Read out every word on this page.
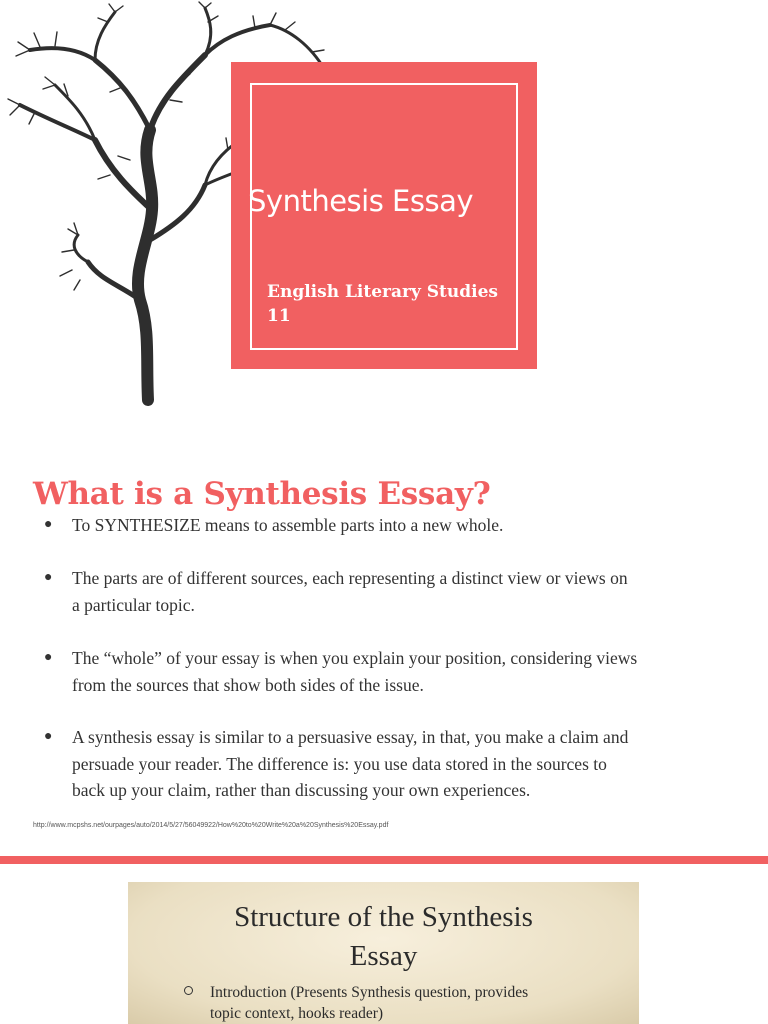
Synthesis Essay
English Literary Studies
11
What is a Synthesis Essay?
● To SYNTHESIZE means to assemble parts into a new whole.
● The parts are of different sources, each representing a distinct view or views on
a particular topic.
● The “whole” of your essay is when you explain your position, considering views
from the sources that show both sides of the issue.
● A synthesis essay is similar to a persuasive essay, in that, you make a claim and
persuade your reader. The difference is: you use data stored in the sources to
back up your claim, rather than discussing your own experiences.
http://www.mcpshs.net/ourpages/auto/2014/5/27/56049922/How%20to%20Write%20a%20Synthesis%20Essay.pdf
Structure of the Synthesis
Essay
Introduction (Presents Synthesis question, provides
topic context, hooks reader)
